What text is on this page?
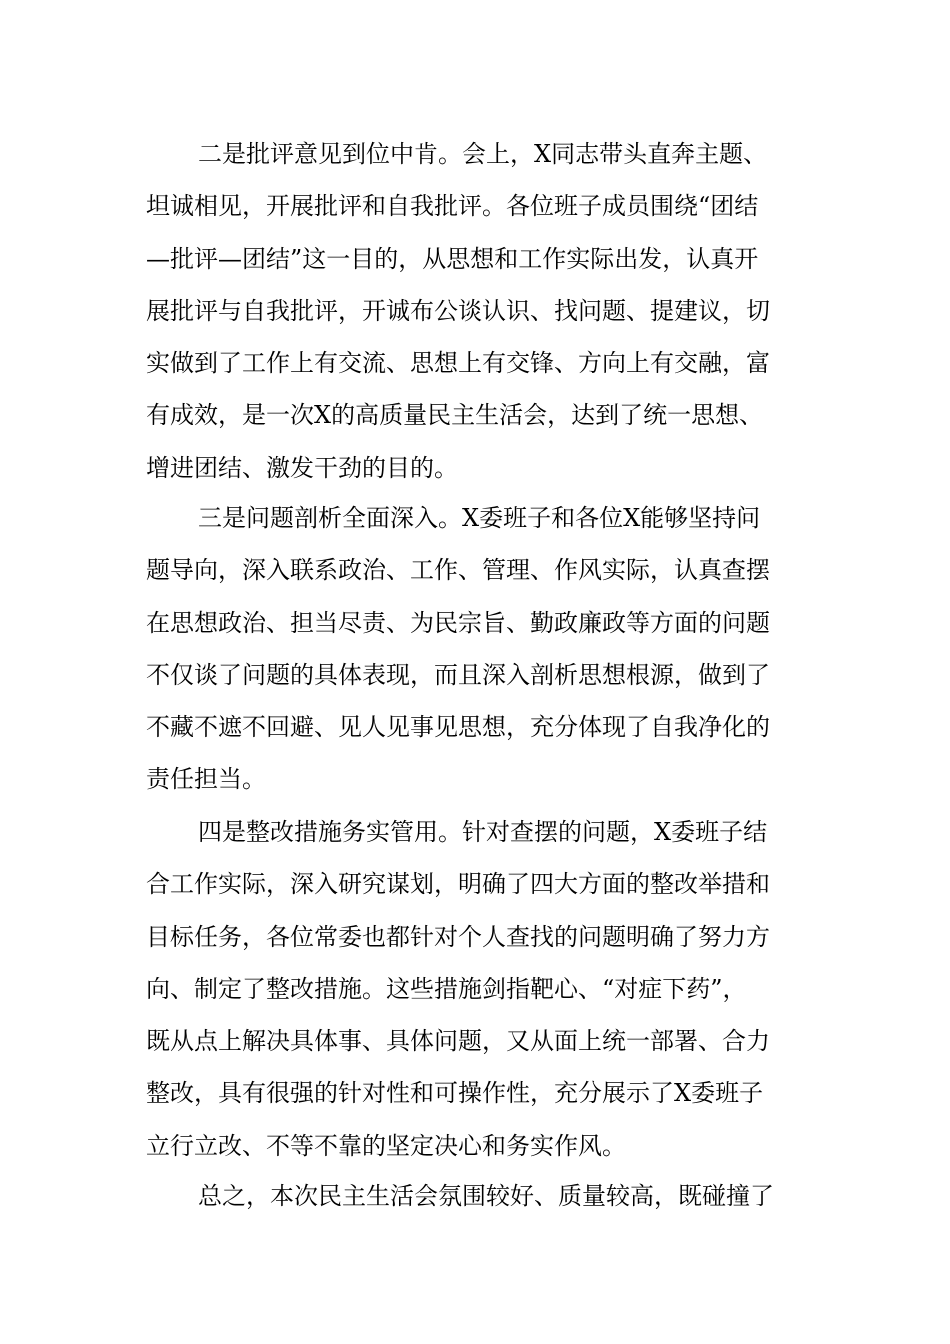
二是批评意见到位中肯。会上，X同志带头直奔主题、
坦诚相见，开展批评和自我批评。各位班子成员围绕“团结
—批评—团结”这一目的，从思想和工作实际出发，认真开
展批评与自我批评，开诚布公谈认识、找问题、提建议，切
实做到了工作上有交流、思想上有交锋、方向上有交融，富
有成效，是一次X的高质量民主生活会，达到了统一思想、
增进团结、激发干劲的目的。
三是问题剖析全面深入。X委班子和各位X能够坚持问
题导向，深入联系政治、工作、管理、作风实际，认真查摆
在思想政治、担当尽责、为民宗旨、勤政廉政等方面的问题
不仅谈了问题的具体表现，而且深入剖析思想根源，做到了
不藏不遮不回避、见人见事见思想，充分体现了自我净化的
责任担当。
四是整改措施务实管用。针对查摆的问题，X委班子结
合工作实际，深入研究谋划，明确了四大方面的整改举措和
目标任务，各位常委也都针对个人查找的问题明确了努力方
向、制定了整改措施。这些措施剑指靶心、“对症下药”，
既从点上解决具体事、具体问题，又从面上统一部署、合力
整改，具有很强的针对性和可操作性，充分展示了X委班子
立行立改、不等不靠的坚定决心和务实作风。
总之，本次民主生活会氛围较好、质量较高，既碰撞了
